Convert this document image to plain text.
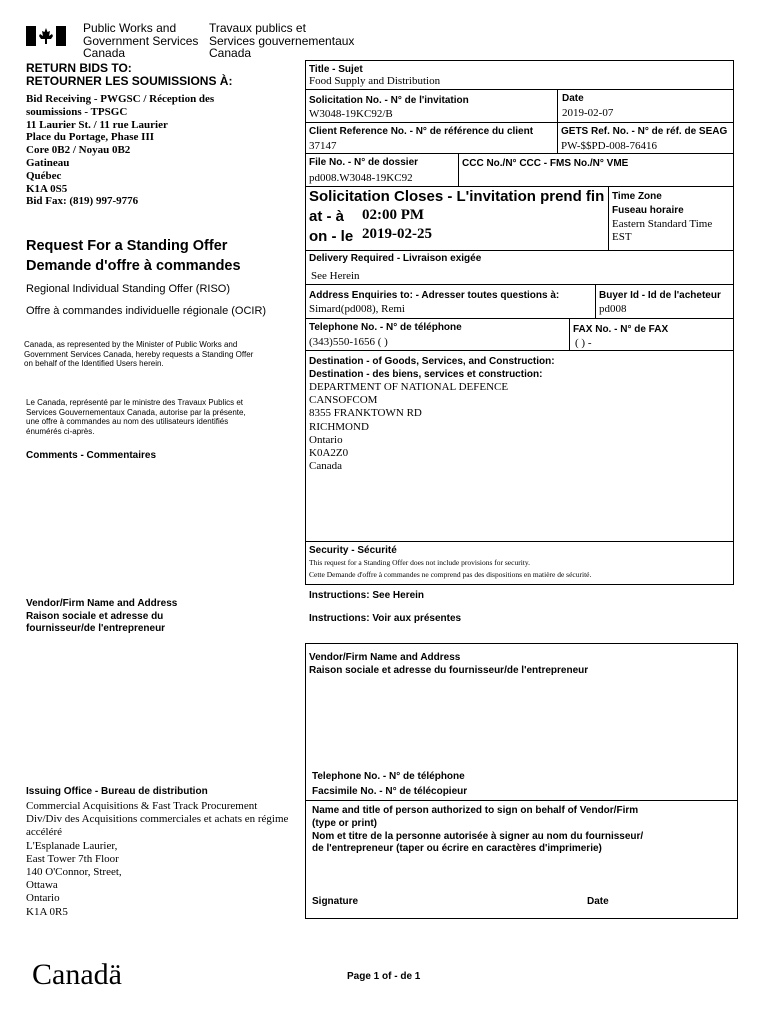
Public Works and
Government Services
Canada
Travaux publics et
Services gouvernementaux
Canada
RETURN BIDS TO:
RETOURNER LES SOUMISSIONS À:
Bid Receiving - PWGSC / Réception des
soumissions - TPSGC
11 Laurier St. / 11 rue Laurier
Place du Portage, Phase III
Core 0B2 / Noyau 0B2
Gatineau
Québec
K1A 0S5
Bid Fax: (819) 997-9776
Request For a Standing Offer
Demande d'offre à commandes
Regional Individual Standing Offer (RISO)
Offre à commandes individuelle régionale (OCIR)
Canada, as represented by the Minister of Public Works and
Government Services Canada, hereby requests a Standing Offer
on behalf of the Identified Users herein.
Le Canada, représenté par le ministre des Travaux Publics et
Services Gouvernementaux Canada, autorise par la présente,
une offre à commandes au nom des utilisateurs identifiés
énumérés ci-après.
Comments - Commentaires
Vendor/Firm Name and Address
Raison sociale et adresse du
fournisseur/de l'entrepreneur
Issuing Office - Bureau de distribution
Commercial Acquisitions & Fast Track Procurement
Div/Div des Acquisitions commerciales et achats en régime
accéléré
L'Esplanade Laurier,
East Tower 7th Floor
140 O'Connor, Street,
Ottawa
Ontario
K1A 0R5
Title - Sujet
Food Supply and Distribution
Solicitation No. - N° de l'invitation
W3048-19KC92/B
Date
2019-02-07
Client Reference No. - N° de référence du client
37147
GETS Ref. No. - N° de réf. de SEAG
PW-$$PD-008-76416
File No. - N° de dossier
pd008.W3048-19KC92
CCC No./N° CCC - FMS No./N° VME
Solicitation Closes - L'invitation prend fin
at - à 02:00 PM
on - le 2019-02-25
Time Zone
Fuseau horaire
Eastern Standard Time
EST
Delivery Required - Livraison exigée
See Herein
Address Enquiries to: - Adresser toutes questions à:
Simard(pd008), Remi
Buyer Id - Id de l'acheteur
pd008
Telephone No. - N° de téléphone
(343)550-1656 ( )
FAX No. - N° de FAX
( ) -
Destination - of Goods, Services, and Construction:
Destination - des biens, services et construction:
DEPARTMENT OF NATIONAL DEFENCE
CANSOFCOM
8355 FRANKTOWN RD
RICHMOND
Ontario
K0A2Z0
Canada
Security - Sécurité
This request for a Standing Offer does not include provisions for security.
Cette Demande d'offre à commandes ne comprend pas des dispositions en matière de sécurité.
Instructions: See Herein
Instructions: Voir aux présentes
Vendor/Firm Name and Address
Raison sociale et adresse du fournisseur/de l'entrepreneur
Telephone No. - N° de téléphone
Facsimile No. - N° de télécopieur
Name and title of person authorized to sign on behalf of Vendor/Firm
(type or print)
Nom et titre de la personne autorisée à signer au nom du fournisseur/
de l'entrepreneur (taper ou écrire en caractères d'imprimerie)
Signature	Date
Canadä	Page 1 of - de 1
